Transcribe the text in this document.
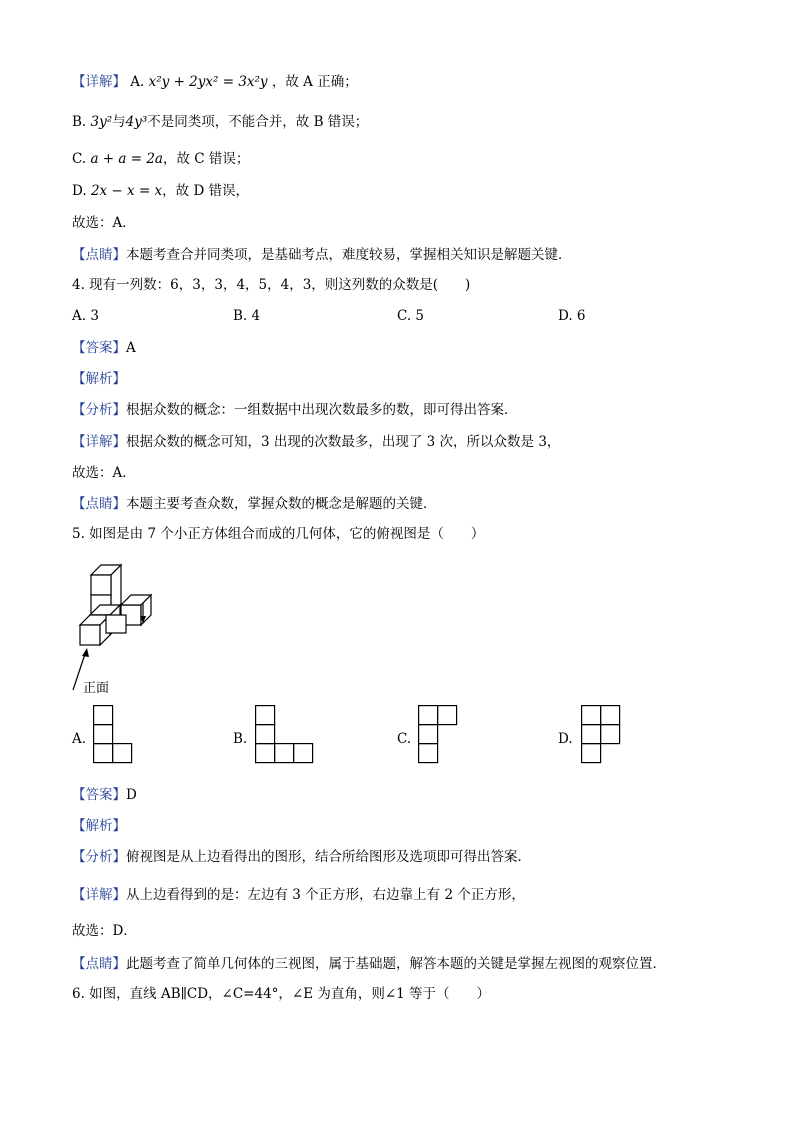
【详解】 A. x²y + 2yx² = 3x²y ，故 A 正确；
B. 3y²与4y³不是同类项，不能合并，故 B 错误；
C. a + a = 2a，故 C 错误；
D. 2x − x = x，故 D 错误，
故选：A．
【点睛】本题考查合并同类项，是基础考点，难度较易，掌握相关知识是解题关键．
4. 现有一列数：6，3，3，4，5，4，3，则这列数的众数是(　　)
A. 3	B. 4	C. 5	D. 6
【答案】A
【解析】
【分析】根据众数的概念：一组数据中出现次数最多的数，即可得出答案．
【详解】根据众数的概念可知，3 出现的次数最多，出现了 3 次，所以众数是 3，
故选：A．
【点睛】本题主要考查众数，掌握众数的概念是解题的关键．
5. 如图是由 7 个小正方体组合而成的几何体，它的俯视图是（　　）
正面
A.	B.	C.	D.
【答案】D
【解析】
【分析】俯视图是从上边看得出的图形，结合所给图形及选项即可得出答案．
【详解】从上边看得到的是：左边有 3 个正方形，右边靠上有 2 个正方形，
故选：D．
【点睛】此题考查了简单几何体的三视图，属于基础题，解答本题的关键是掌握左视图的观察位置．
6. 如图，直线 AB∥CD，∠C=44°，∠E 为直角，则∠1 等于（　　）
